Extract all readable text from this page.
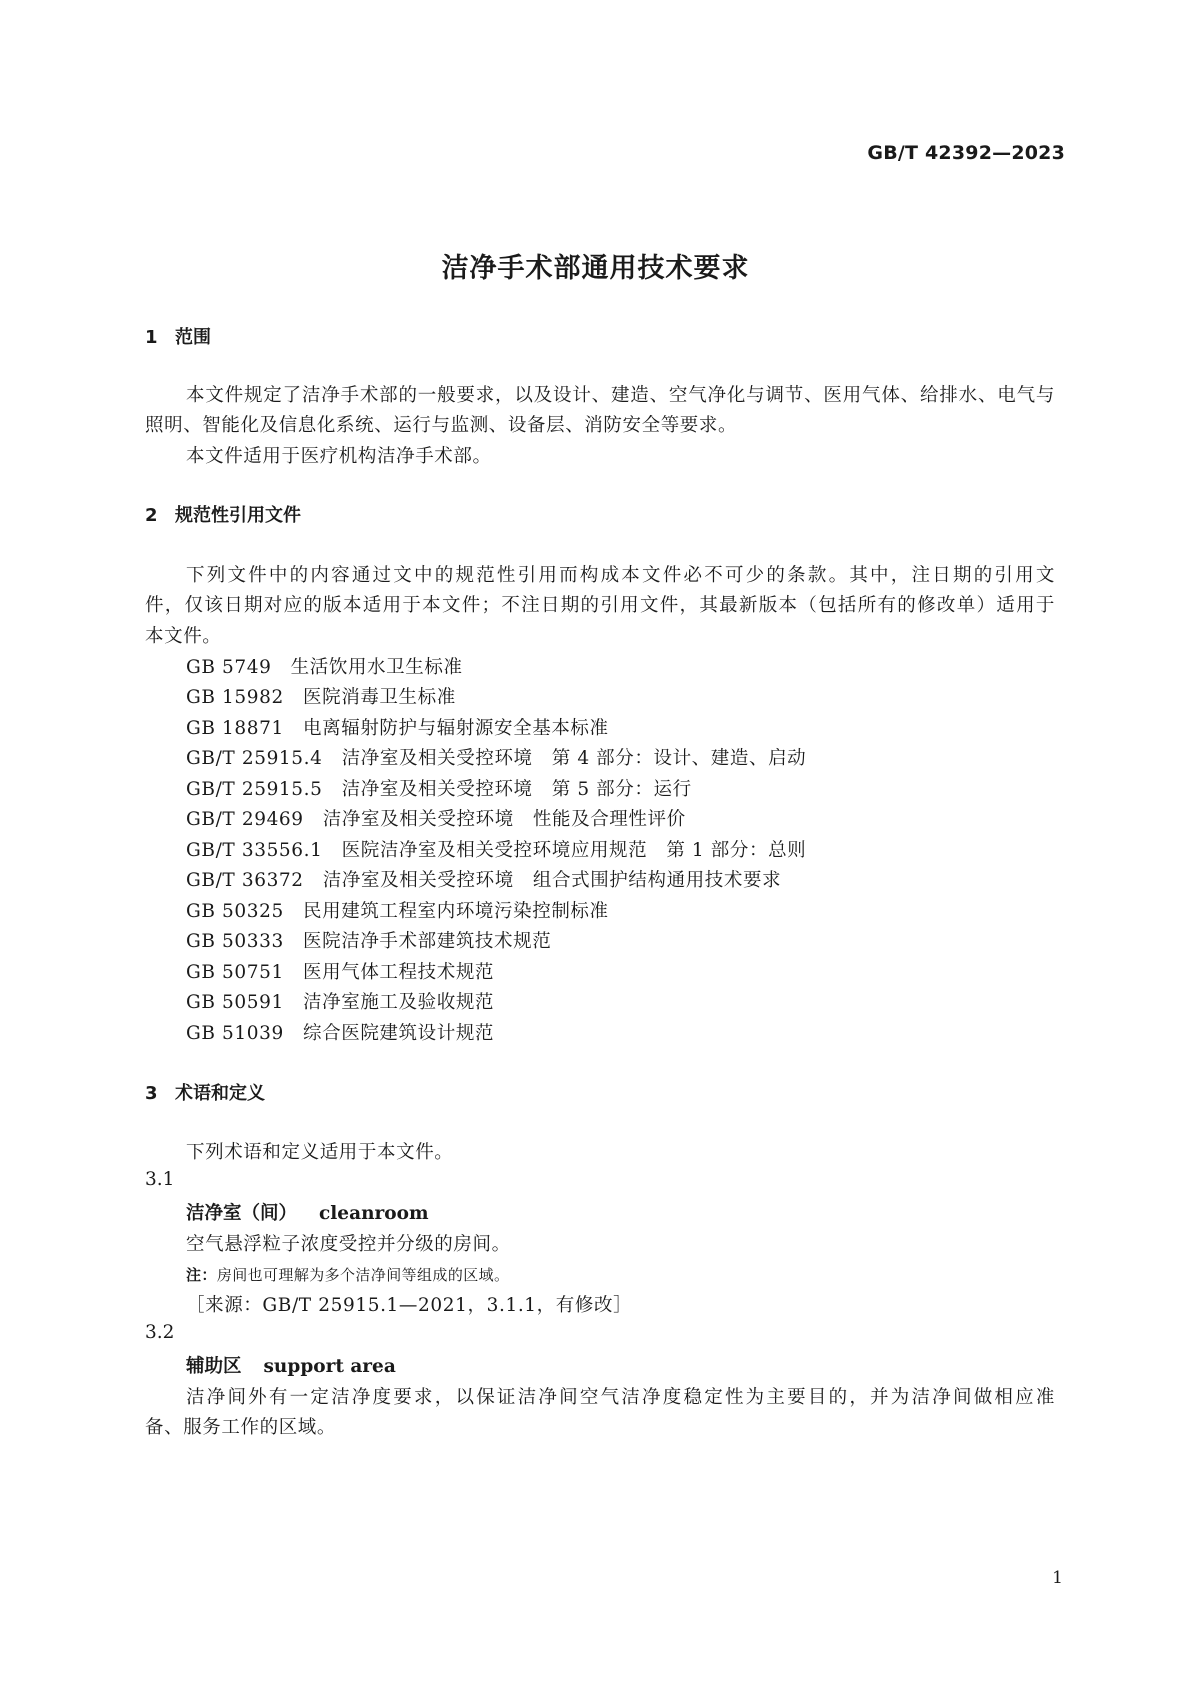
GB/T 42392—2023
洁净手术部通用技术要求
1 范围
本文件规定了洁净手术部的一般要求，以及设计、建造、空气净化与调节、医用气体、给排水、电气与
照明、智能化及信息化系统、运行与监测、设备层、消防安全等要求。
本文件适用于医疗机构洁净手术部。
2 规范性引用文件
下列文件中的内容通过文中的规范性引用而构成本文件必不可少的条款。其中，注日期的引用文
件，仅该日期对应的版本适用于本文件；不注日期的引用文件，其最新版本（包括所有的修改单）适用于
本文件。
GB 5749　 生活饮用水卫生标准
GB 15982　 医院消毒卫生标准
GB 18871　 电离辐射防护与辐射源安全基本标准
GB/T 25915.4　 洁净室及相关受控环境　第 4 部分：设计、建造、启动
GB/T 25915.5　 洁净室及相关受控环境　第 5 部分：运行
GB/T 29469　 洁净室及相关受控环境　性能及合理性评价
GB/T 33556.1　 医院洁净室及相关受控环境应用规范　第 1 部分：总则
GB/T 36372　 洁净室及相关受控环境　组合式围护结构通用技术要求
GB 50325　 民用建筑工程室内环境污染控制标准
GB 50333　 医院洁净手术部建筑技术规范
GB 50751　 医用气体工程技术规范
GB 50591　 洁净室施工及验收规范
GB 51039　 综合医院建筑设计规范
3 术语和定义
下列术语和定义适用于本文件。
3.1
洁净室（间） cleanroom
空气悬浮粒子浓度受控并分级的房间。
注：房间也可理解为多个洁净间等组成的区域。
［来源：GB/T 25915.1—2021，3.1.1，有修改］
3.2
辅助区 support area
洁净间外有一定洁净度要求，以保证洁净间空气洁净度稳定性为主要目的，并为洁净间做相应准
备、服务工作的区域。
1
